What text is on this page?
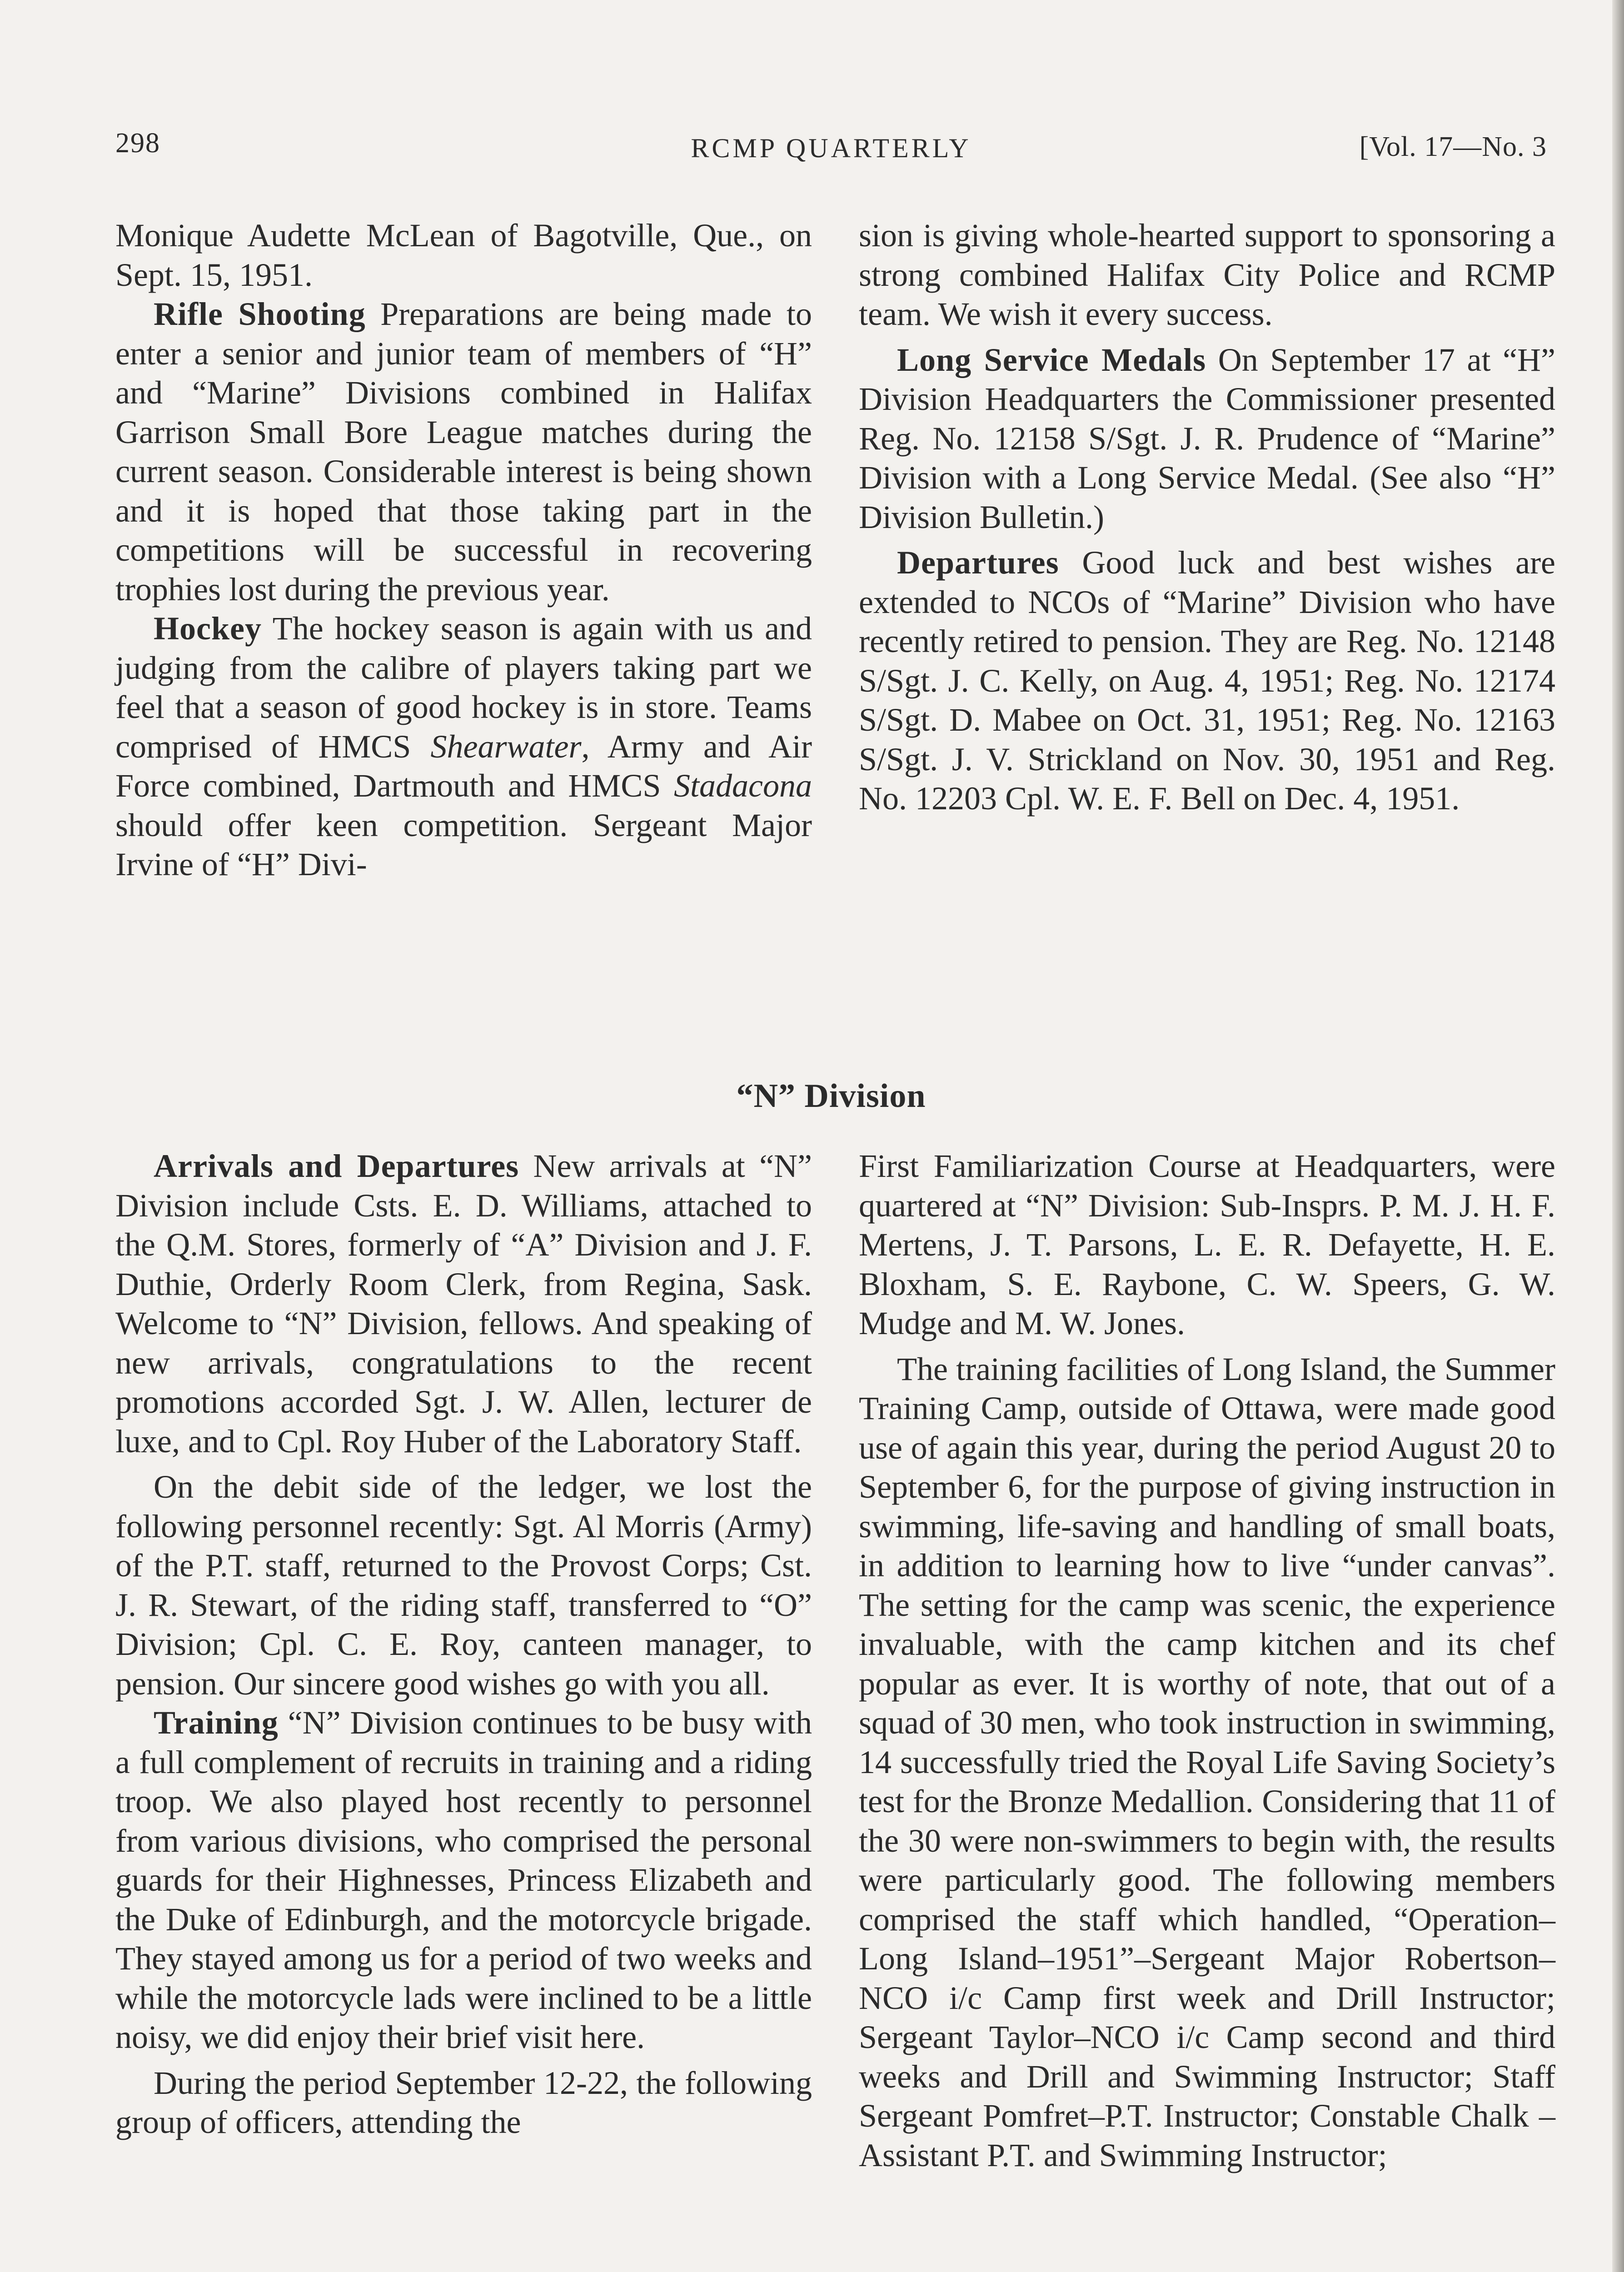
298	RCMP QUARTERLY	[Vol. 17—No. 3

Monique Audette McLean of Bagotville, Que., on Sept. 15, 1951.

Rifle Shooting Preparations are being made to enter a senior and junior team of members of “H” and “Marine” Divisions combined in Halifax Garrison Small Bore League matches during the current season. Considerable interest is being shown and it is hoped that those taking part in the competitions will be successful in recovering trophies lost during the previous year.

Hockey The hockey season is again with us and judging from the calibre of players taking part we feel that a season of good hockey is in store. Teams comprised of HMCS Shearwater, Army and Air Force combined, Dartmouth and HMCS Stadacona should offer keen competition. Sergeant Major Irvine of “H” Divi-

sion is giving whole-hearted support to sponsoring a strong combined Halifax City Police and RCMP team. We wish it every success.

Long Service Medals On September 17 at “H” Division Headquarters the Commissioner presented Reg. No. 12158 S/Sgt. J. R. Prudence of “Marine” Division with a Long Service Medal. (See also “H” Division Bulletin.)

Departures Good luck and best wishes are extended to NCOs of “Marine” Division who have recently retired to pension. They are Reg. No. 12148 S/Sgt. J. C. Kelly, on Aug. 4, 1951; Reg. No. 12174 S/Sgt. D. Mabee on Oct. 31, 1951; Reg. No. 12163 S/Sgt. J. V. Strickland on Nov. 30, 1951 and Reg. No. 12203 Cpl. W. E. F. Bell on Dec. 4, 1951.

“N” Division

Arrivals and Departures New arrivals at “N” Division include Csts. E. D. Williams, attached to the Q.M. Stores, formerly of “A” Division and J. F. Duthie, Orderly Room Clerk, from Regina, Sask. Welcome to “N” Division, fellows. And speaking of new arrivals, congratulations to the recent promotions accorded Sgt. J. W. Allen, lecturer de luxe, and to Cpl. Roy Huber of the Laboratory Staff.

On the debit side of the ledger, we lost the following personnel recently: Sgt. Al Morris (Army) of the P.T. staff, returned to the Provost Corps; Cst. J. R. Stewart, of the riding staff, transferred to “O” Division; Cpl. C. E. Roy, canteen manager, to pension. Our sincere good wishes go with you all.

Training “N” Division continues to be busy with a full complement of recruits in training and a riding troop. We also played host recently to personnel from various divisions, who comprised the personal guards for their Highnesses, Princess Elizabeth and the Duke of Edinburgh, and the motorcycle brigade. They stayed among us for a period of two weeks and while the motorcycle lads were inclined to be a little noisy, we did enjoy their brief visit here.

During the period September 12-22, the following group of officers, attending the

First Familiarization Course at Headquarters, were quartered at “N” Division: Sub-Insprs. P. M. J. H. F. Mertens, J. T. Parsons, L. E. R. Defayette, H. E. Bloxham, S. E. Raybone, C. W. Speers, G. W. Mudge and M. W. Jones.

The training facilities of Long Island, the Summer Training Camp, outside of Ottawa, were made good use of again this year, during the period August 20 to September 6, for the purpose of giving instruction in swimming, life-saving and handling of small boats, in addition to learning how to live “under canvas”. The setting for the camp was scenic, the experience invaluable, with the camp kitchen and its chef popular as ever. It is worthy of note, that out of a squad of 30 men, who took instruction in swimming, 14 successfully tried the Royal Life Saving Society’s test for the Bronze Medallion. Considering that 11 of the 30 were non-swimmers to begin with, the results were particularly good. The following members comprised the staff which handled, “Operation–Long Island–1951”–Sergeant Major Robertson–NCO i/c Camp first week and Drill Instructor; Sergeant Taylor–NCO i/c Camp second and third weeks and Drill and Swimming Instructor; Staff Sergeant Pomfret–P.T. Instructor; Constable Chalk – Assistant P.T. and Swimming Instructor;
